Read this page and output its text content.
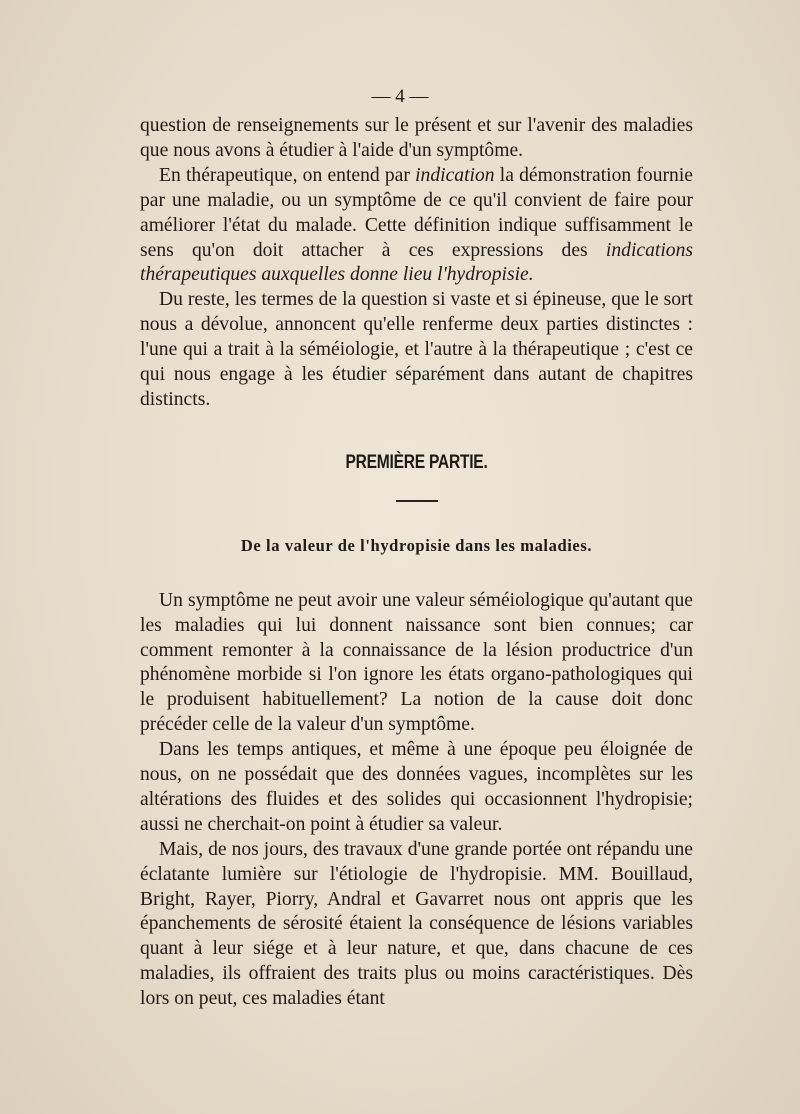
— 4 —

question de renseignements sur le présent et sur l'avenir des maladies que nous avons à étudier à l'aide d'un symptôme.

En thérapeutique, on entend par indication la démonstration fournie par une maladie, ou un symptôme de ce qu'il convient de faire pour améliorer l'état du malade. Cette définition indique suffisamment le sens qu'on doit attacher à ces expressions des indications thérapeutiques auxquelles donne lieu l'hydropisie.

Du reste, les termes de la question si vaste et si épineuse, que le sort nous a dévolue, annoncent qu'elle renferme deux parties distinctes : l'une qui a trait à la séméiologie, et l'autre à la thérapeutique ; c'est ce qui nous engage à les étudier séparément dans autant de chapitres distincts.

PREMIÈRE PARTIE.
De la valeur de l'hydropisie dans les maladies.

Un symptôme ne peut avoir une valeur séméiologique qu'autant que les maladies qui lui donnent naissance sont bien connues; car comment remonter à la connaissance de la lésion productrice d'un phénomène morbide si l'on ignore les états organo-pathologiques qui le produisent habituellement? La notion de la cause doit donc précéder celle de la valeur d'un symptôme.

Dans les temps antiques, et même à une époque peu éloignée de nous, on ne possédait que des données vagues, incomplètes sur les altérations des fluides et des solides qui occasionnent l'hydropisie; aussi ne cherchait-on point à étudier sa valeur.

Mais, de nos jours, des travaux d'une grande portée ont répandu une éclatante lumière sur l'étiologie de l'hydropisie. MM. Bouillaud, Bright, Rayer, Piorry, Andral et Gavarret nous ont appris que les épanchements de sérosité étaient la conséquence de lésions variables quant à leur siége et à leur nature, et que, dans chacune de ces maladies, ils offraient des traits plus ou moins caractéristiques. Dès lors on peut, ces maladies étant
